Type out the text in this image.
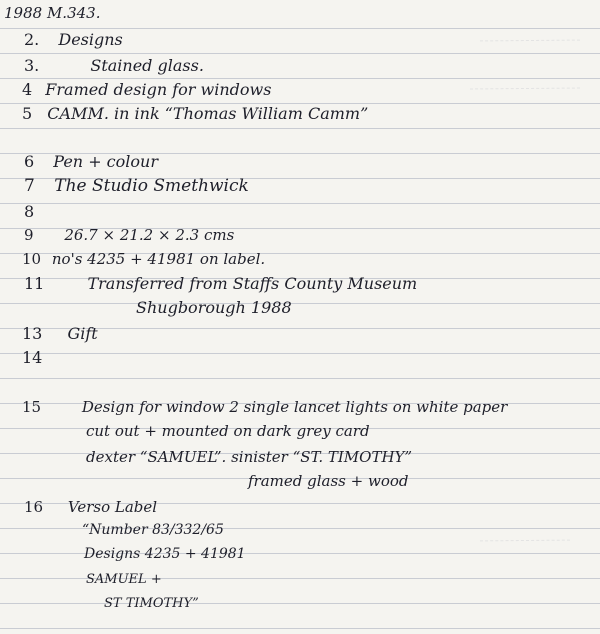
1988 M.343.
2. Designs
3.	Stained glass.
4 Framed design for windows
5 CAMM. in ink “Thomas William Camm”
6 Pen + colour
7 The Studio Smethwick
8
9 26.7 × 21.2 × 2.3 cms
10 no's 4235 + 41981 on label.
11	Transferred from Staffs County Museum
Shugborough 1988
13 Gift
14
15	Design for window 2 single lancet lights on white paper
cut out + mounted on dark grey card
dexter “SAMUEL”. sinister “ST. TIMOTHY”
framed glass + wood
16 Verso Label
“Number 83/332/65
Designs 4235 + 41981
SAMUEL +
ST TIMOTHY”
